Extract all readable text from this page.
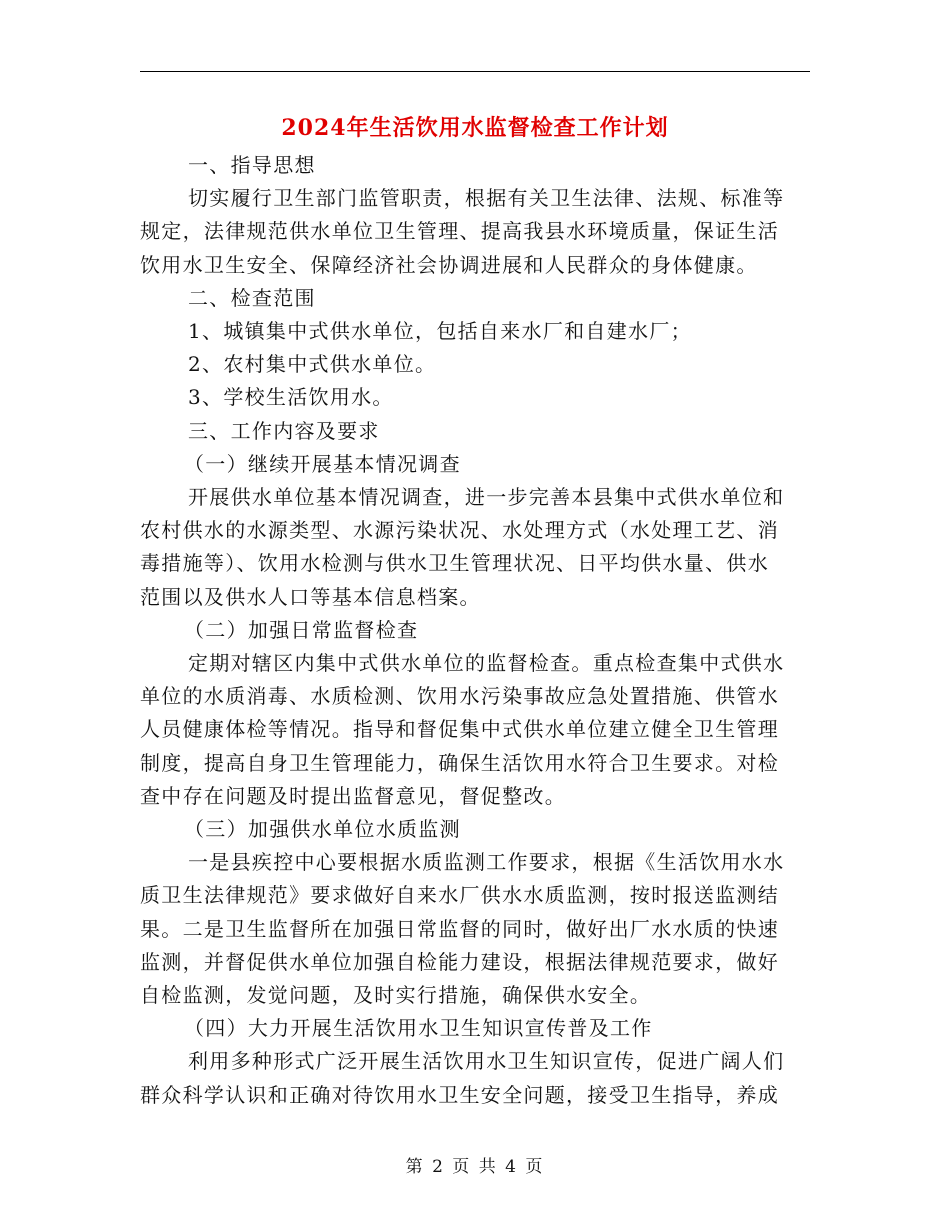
2024年生活饮用水监督检查工作计划

一、指导思想

切实履行卫生部门监管职责，根据有关卫生法律、法规、标准等

规定，法律规范供水单位卫生管理、提高我县水环境质量，保证生活

饮用水卫生安全、保障经济社会协调进展和人民群众的身体健康。

二、检查范围

1、城镇集中式供水单位，包括自来水厂和自建水厂；

2、农村集中式供水单位。

3、学校生活饮用水。

三、工作内容及要求

（一）继续开展基本情况调查

开展供水单位基本情况调查，进一步完善本县集中式供水单位和

农村供水的水源类型、水源污染状况、水处理方式（水处理工艺、消

毒措施等）、饮用水检测与供水卫生管理状况、日平均供水量、供水

范围以及供水人口等基本信息档案。

（二）加强日常监督检查

定期对辖区内集中式供水单位的监督检查。重点检查集中式供水

单位的水质消毒、水质检测、饮用水污染事故应急处置措施、供管水

人员健康体检等情况。指导和督促集中式供水单位建立健全卫生管理

制度，提高自身卫生管理能力，确保生活饮用水符合卫生要求。对检

查中存在问题及时提出监督意见，督促整改。

（三）加强供水单位水质监测

一是县疾控中心要根据水质监测工作要求，根据《生活饮用水水

质卫生法律规范》要求做好自来水厂供水水质监测，按时报送监测结

果。二是卫生监督所在加强日常监督的同时，做好出厂水水质的快速

监测，并督促供水单位加强自检能力建设，根据法律规范要求，做好

自检监测，发觉问题，及时实行措施，确保供水安全。

（四）大力开展生活饮用水卫生知识宣传普及工作

利用多种形式广泛开展生活饮用水卫生知识宣传，促进广阔人们

群众科学认识和正确对待饮用水卫生安全问题，接受卫生指导，养成

第 2 页 共 4 页
